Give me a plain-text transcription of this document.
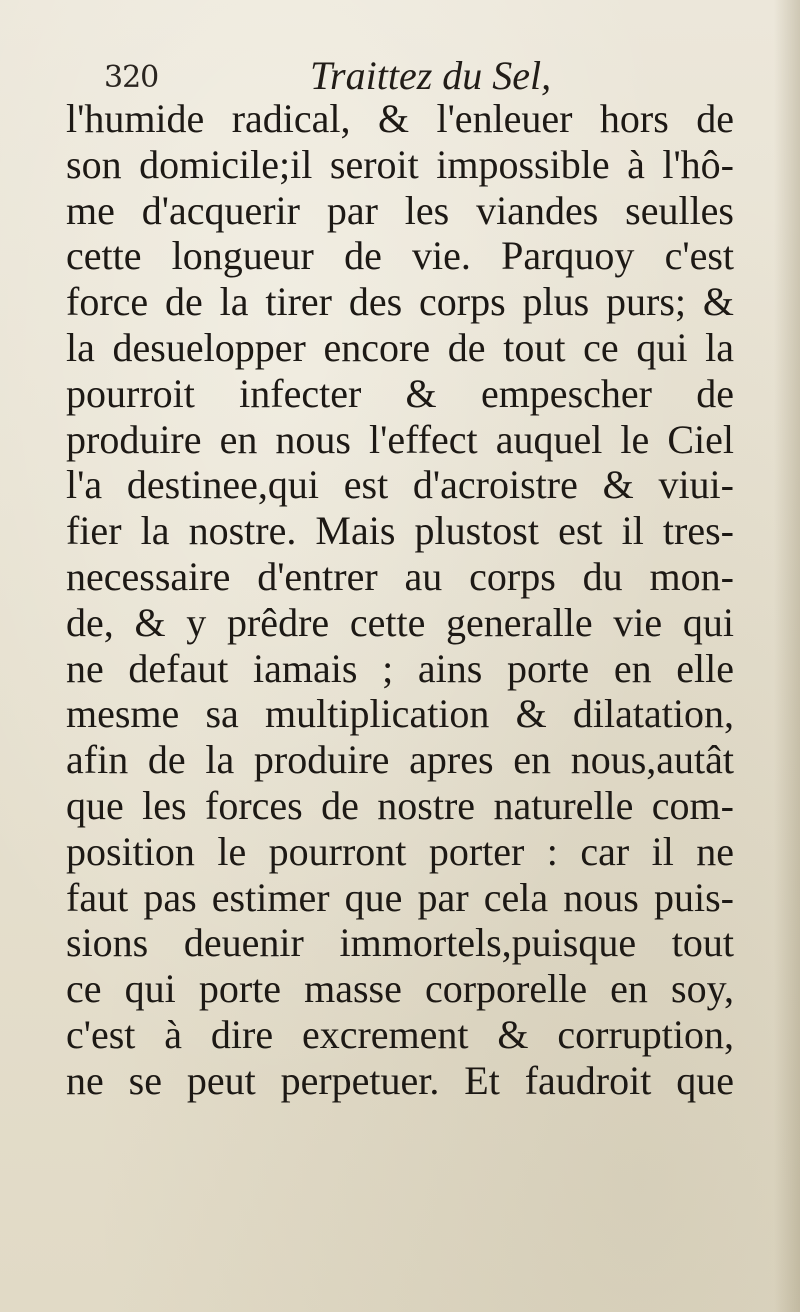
320	Traittez du Sel,
l'humide radical, & l'enleuer hors de
son domicile;il seroit impossible à l'hô-
me d'acquerir par les viandes seulles
cette longueur de vie. Parquoy c'est
force de la tirer des corps plus purs; &
la desuelopper encore de tout ce qui la
pourroit infecter & empescher de
produire en nous l'effect auquel le Ciel
l'a destinee,qui est d'acroistre & viui-
fier la nostre. Mais plustost est il tres-
necessaire d'entrer au corps du mon-
de, & y prêdre cette generalle vie qui
ne defaut iamais ; ains porte en elle
mesme sa multiplication & dilatation,
afin de la produire apres en nous,autât
que les forces de nostre naturelle com-
position le pourront porter : car il ne
faut pas estimer que par cela nous puis-
sions deuenir immortels,puisque tout
ce qui porte masse corporelle en soy,
c'est à dire excrement & corruption,
ne se peut perpetuer. Et faudroit que
